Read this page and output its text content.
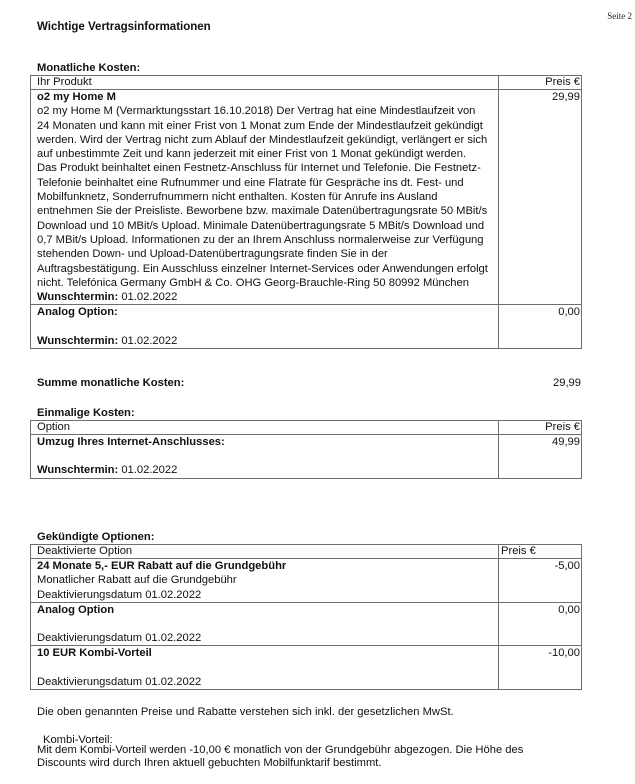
Seite 2
Wichtige Vertragsinformationen
Monatliche Kosten:
Ihr Produkt	Preis €

o2 my Home M
o2 my Home M (Vermarktungsstart 16.10.2018) Der Vertrag hat eine Mindestlaufzeit von 24 Monaten und kann mit einer Frist von 1 Monat zum Ende der Mindestlaufzeit gekündigt werden. Wird der Vertrag nicht zum Ablauf der Mindestlaufzeit gekündigt, verlängert er sich auf unbestimmte Zeit und kann jederzeit mit einer Frist von 1 Monat gekündigt werden. Das Produkt beinhaltet einen Festnetz-Anschluss für Internet und Telefonie. Die Festnetz-Telefonie beinhaltet eine Rufnummer und eine Flatrate für Gespräche ins dt. Fest- und Mobilfunknetz, Sonderrufnummern nicht enthalten. Kosten für Anrufe ins Ausland entnehmen Sie der Preisliste. Beworbene bzw. maximale Datenübertragungsrate 50 MBit/s Download und 10 MBit/s Upload. Minimale Datenübertragungsrate 5 MBit/s Download und 0,7 MBit/s Upload. Informationen zu der an Ihrem Anschluss normalerweise zur Verfügung stehenden Down- und Upload-Datenübertragungsrate finden Sie in der Auftragsbestätigung. Ein Ausschluss einzelner Internet-Services oder Anwendungen erfolgt nicht. Telefónica Germany GmbH & Co. OHG Georg-Brauchle-Ring 50 80992 München
Wunschtermin: 01.02.2022	29,99

Analog Option:
Wunschtermin: 01.02.2022	0,00
Summe monatliche Kosten:	29,99
Einmalige Kosten:
Option	Preis €

Umzug Ihres Internet-Anschlusses:
Wunschtermin: 01.02.2022	49,99
Gekündigte Optionen:
Deaktivierte Option	Preis €

24 Monate 5,- EUR Rabatt auf die Grundgebühr
Monatlicher Rabatt auf die Grundgebühr
Deaktivierungsdatum 01.02.2022	-5,00

Analog Option
Deaktivierungsdatum 01.02.2022	0,00

10 EUR Kombi-Vorteil
Deaktivierungsdatum 01.02.2022	-10,00
Die oben genannten Preise und Rabatte verstehen sich inkl. der gesetzlichen MwSt.
Kombi-Vorteil:
Mit dem Kombi-Vorteil werden -10,00 € monatlich von der Grundgebühr abgezogen. Die Höhe des
Discounts wird durch Ihren aktuell gebuchten Mobilfunktarif bestimmt.
